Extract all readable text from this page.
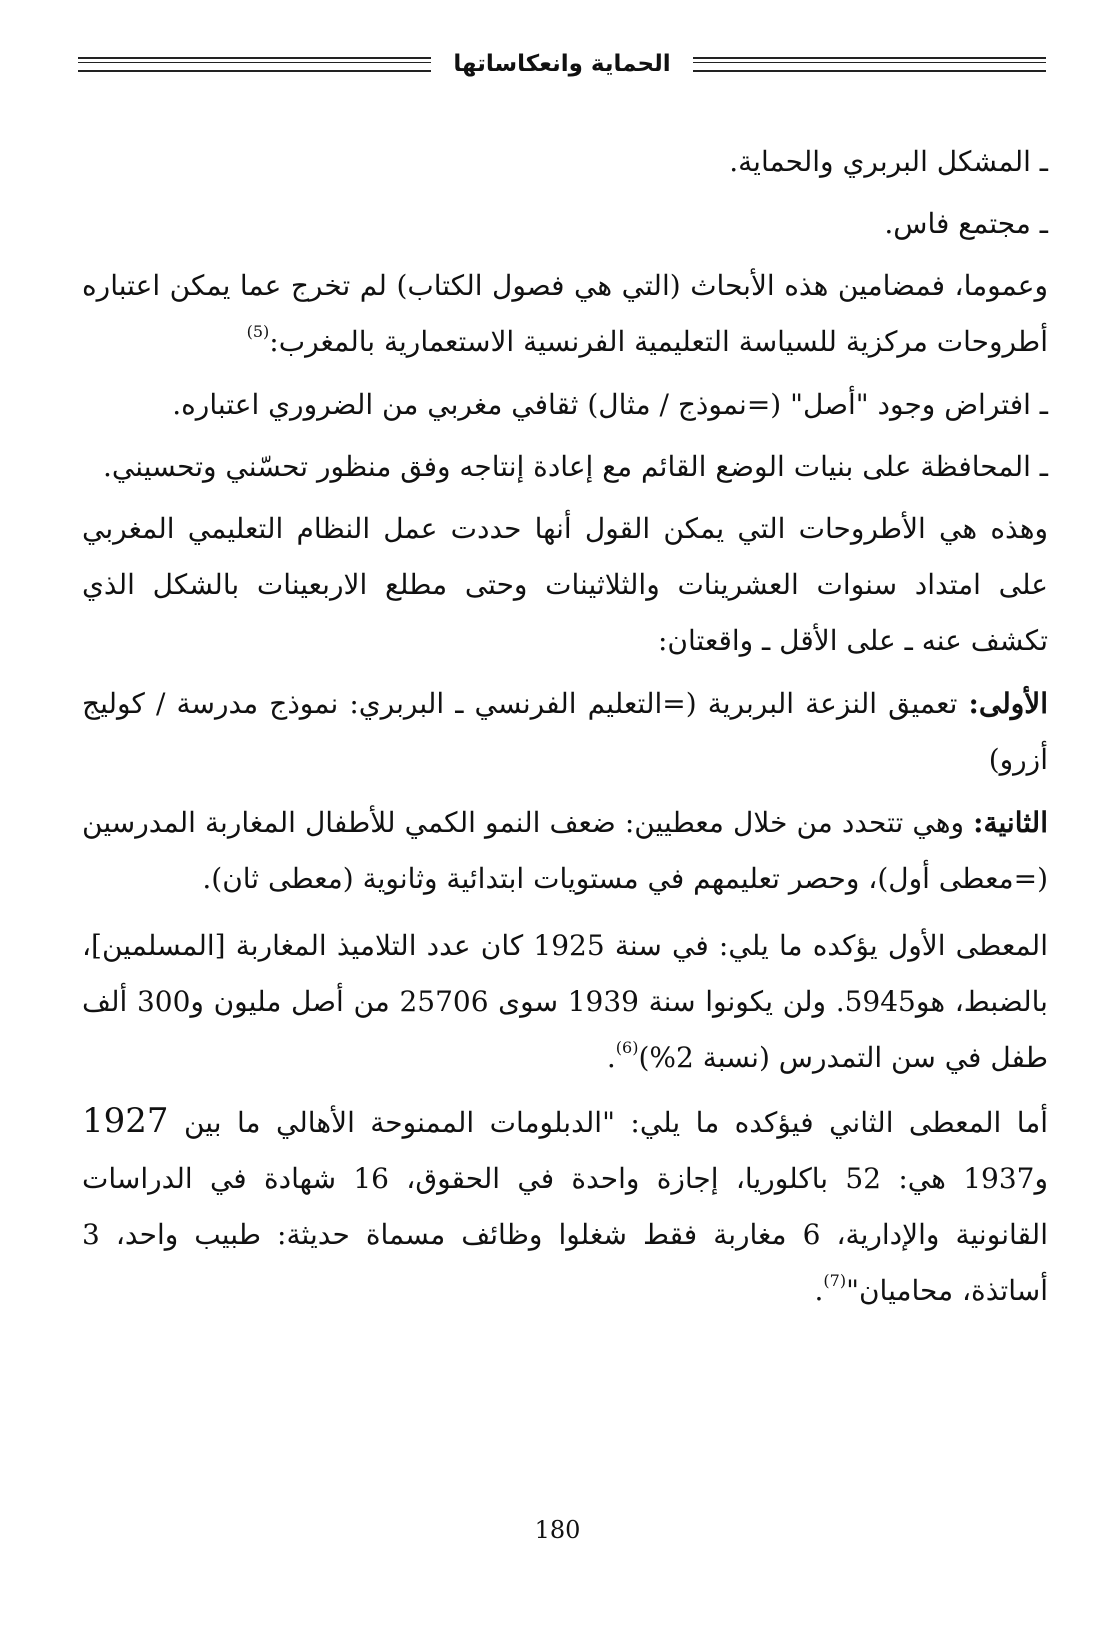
الحماية وانعكاساتها

ـ المشكل البربري والحماية.

ـ مجتمع فاس.

وعموما، فمضامين هذه الأبحاث (التي هي فصول الكتاب) لم تخرج عما يمكن اعتباره أطروحات مركزية للسياسة التعليمية الفرنسية الاستعمارية بالمغرب:$^{(5)}$

ـ افتراض وجود "أصل" (=نموذج / مثال) ثقافي مغربي من الضروري اعتباره.

ـ المحافظة على بنيات الوضع القائم مع إعادة إنتاجه وفق منظور تحسّني وتحسيني.

وهذه هي الأطروحات التي يمكن القول أنها حددت عمل النظام التعليمي المغربي على امتداد سنوات العشرينات والثلاثينات وحتى مطلع الاربعينات بالشكل الذي تكشف عنه ـ على الأقل ـ واقعتان:

الأولى: تعميق النزعة البربرية (=التعليم الفرنسي ـ البربري: نموذج مدرسة / كوليج أزرو)

الثانية: وهي تتحدد من خلال معطيين: ضعف النمو الكمي للأطفال المغاربة المدرسين (=معطى أول)، وحصر تعليمهم في مستويات ابتدائية وثانوية (معطى ثان).

المعطى الأول يؤكده ما يلي: في سنة 1925 كان عدد التلاميذ المغاربة [المسلمين]، بالضبط، هو5945. ولن يكونوا سنة 1939 سوى 25706 من أصل مليون و300 ألف طفل في سن التمدرس (نسبة 2%)$^{(6)}$.

أما المعطى الثاني فيؤكده ما يلي: "الدبلومات الممنوحة الأهالي ما بين 1927 و1937 هي: 52 باكلوريا، إجازة واحدة في الحقوق، 16 شهادة في الدراسات القانونية والإدارية، 6 مغاربة فقط شغلوا وظائف مسماة حديثة: طبيب واحد، 3 أساتذة، محاميان"$^{(7)}$.

180
